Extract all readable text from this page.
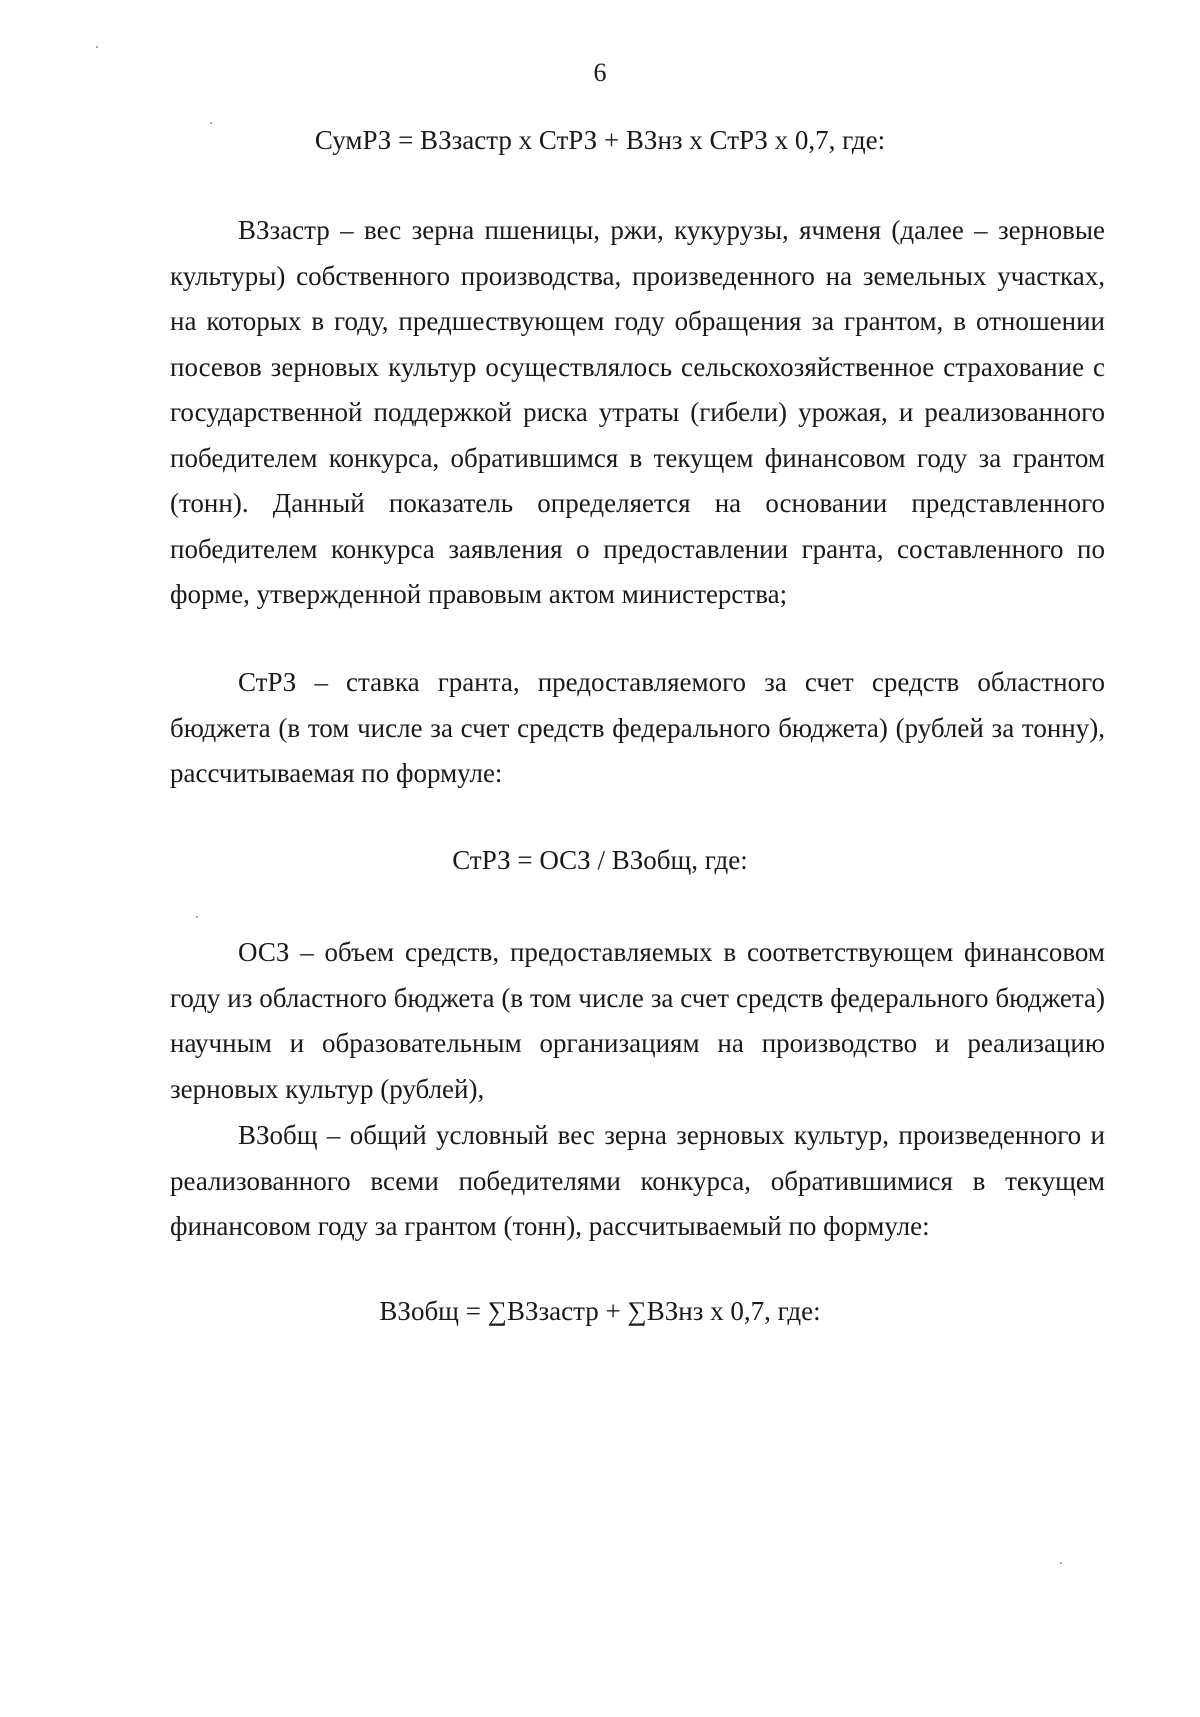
6
СумРЗ = ВЗзастр х СтРЗ + ВЗнз х СтРЗ х 0,7, где:

ВЗзастр – вес зерна пшеницы, ржи, кукурузы, ячменя (далее – зерновые культуры) собственного производства, произведенного на земельных участках, на которых в году, предшествующем году обращения за грантом, в отношении посевов зерновых культур осуществлялось сельскохозяйственное страхование с государственной поддержкой риска утраты (гибели) урожая, и реализованного победителем конкурса, обратившимся в текущем финансовом году за грантом (тонн). Данный показатель определяется на основании представленного победителем конкурса заявления о предоставлении гранта, составленного по форме, утвержденной правовым актом министерства;

СтРЗ – ставка гранта, предоставляемого за счет средств областного бюджета (в том числе за счет средств федерального бюджета) (рублей за тонну), рассчитываемая по формуле:

СтРЗ = ОСЗ / ВЗобщ, где:

ОСЗ – объем средств, предоставляемых в соответствующем финансовом году из областного бюджета (в том числе за счет средств федерального бюджета) научным и образовательным организациям на производство и реализацию зерновых культур (рублей),

ВЗобщ – общий условный вес зерна зерновых культур, произведенного и реализованного всеми победителями конкурса, обратившимися в текущем финансовом году за грантом (тонн), рассчитываемый по формуле:

ВЗобщ = ∑ВЗзастр + ∑ВЗнз х 0,7, где:
